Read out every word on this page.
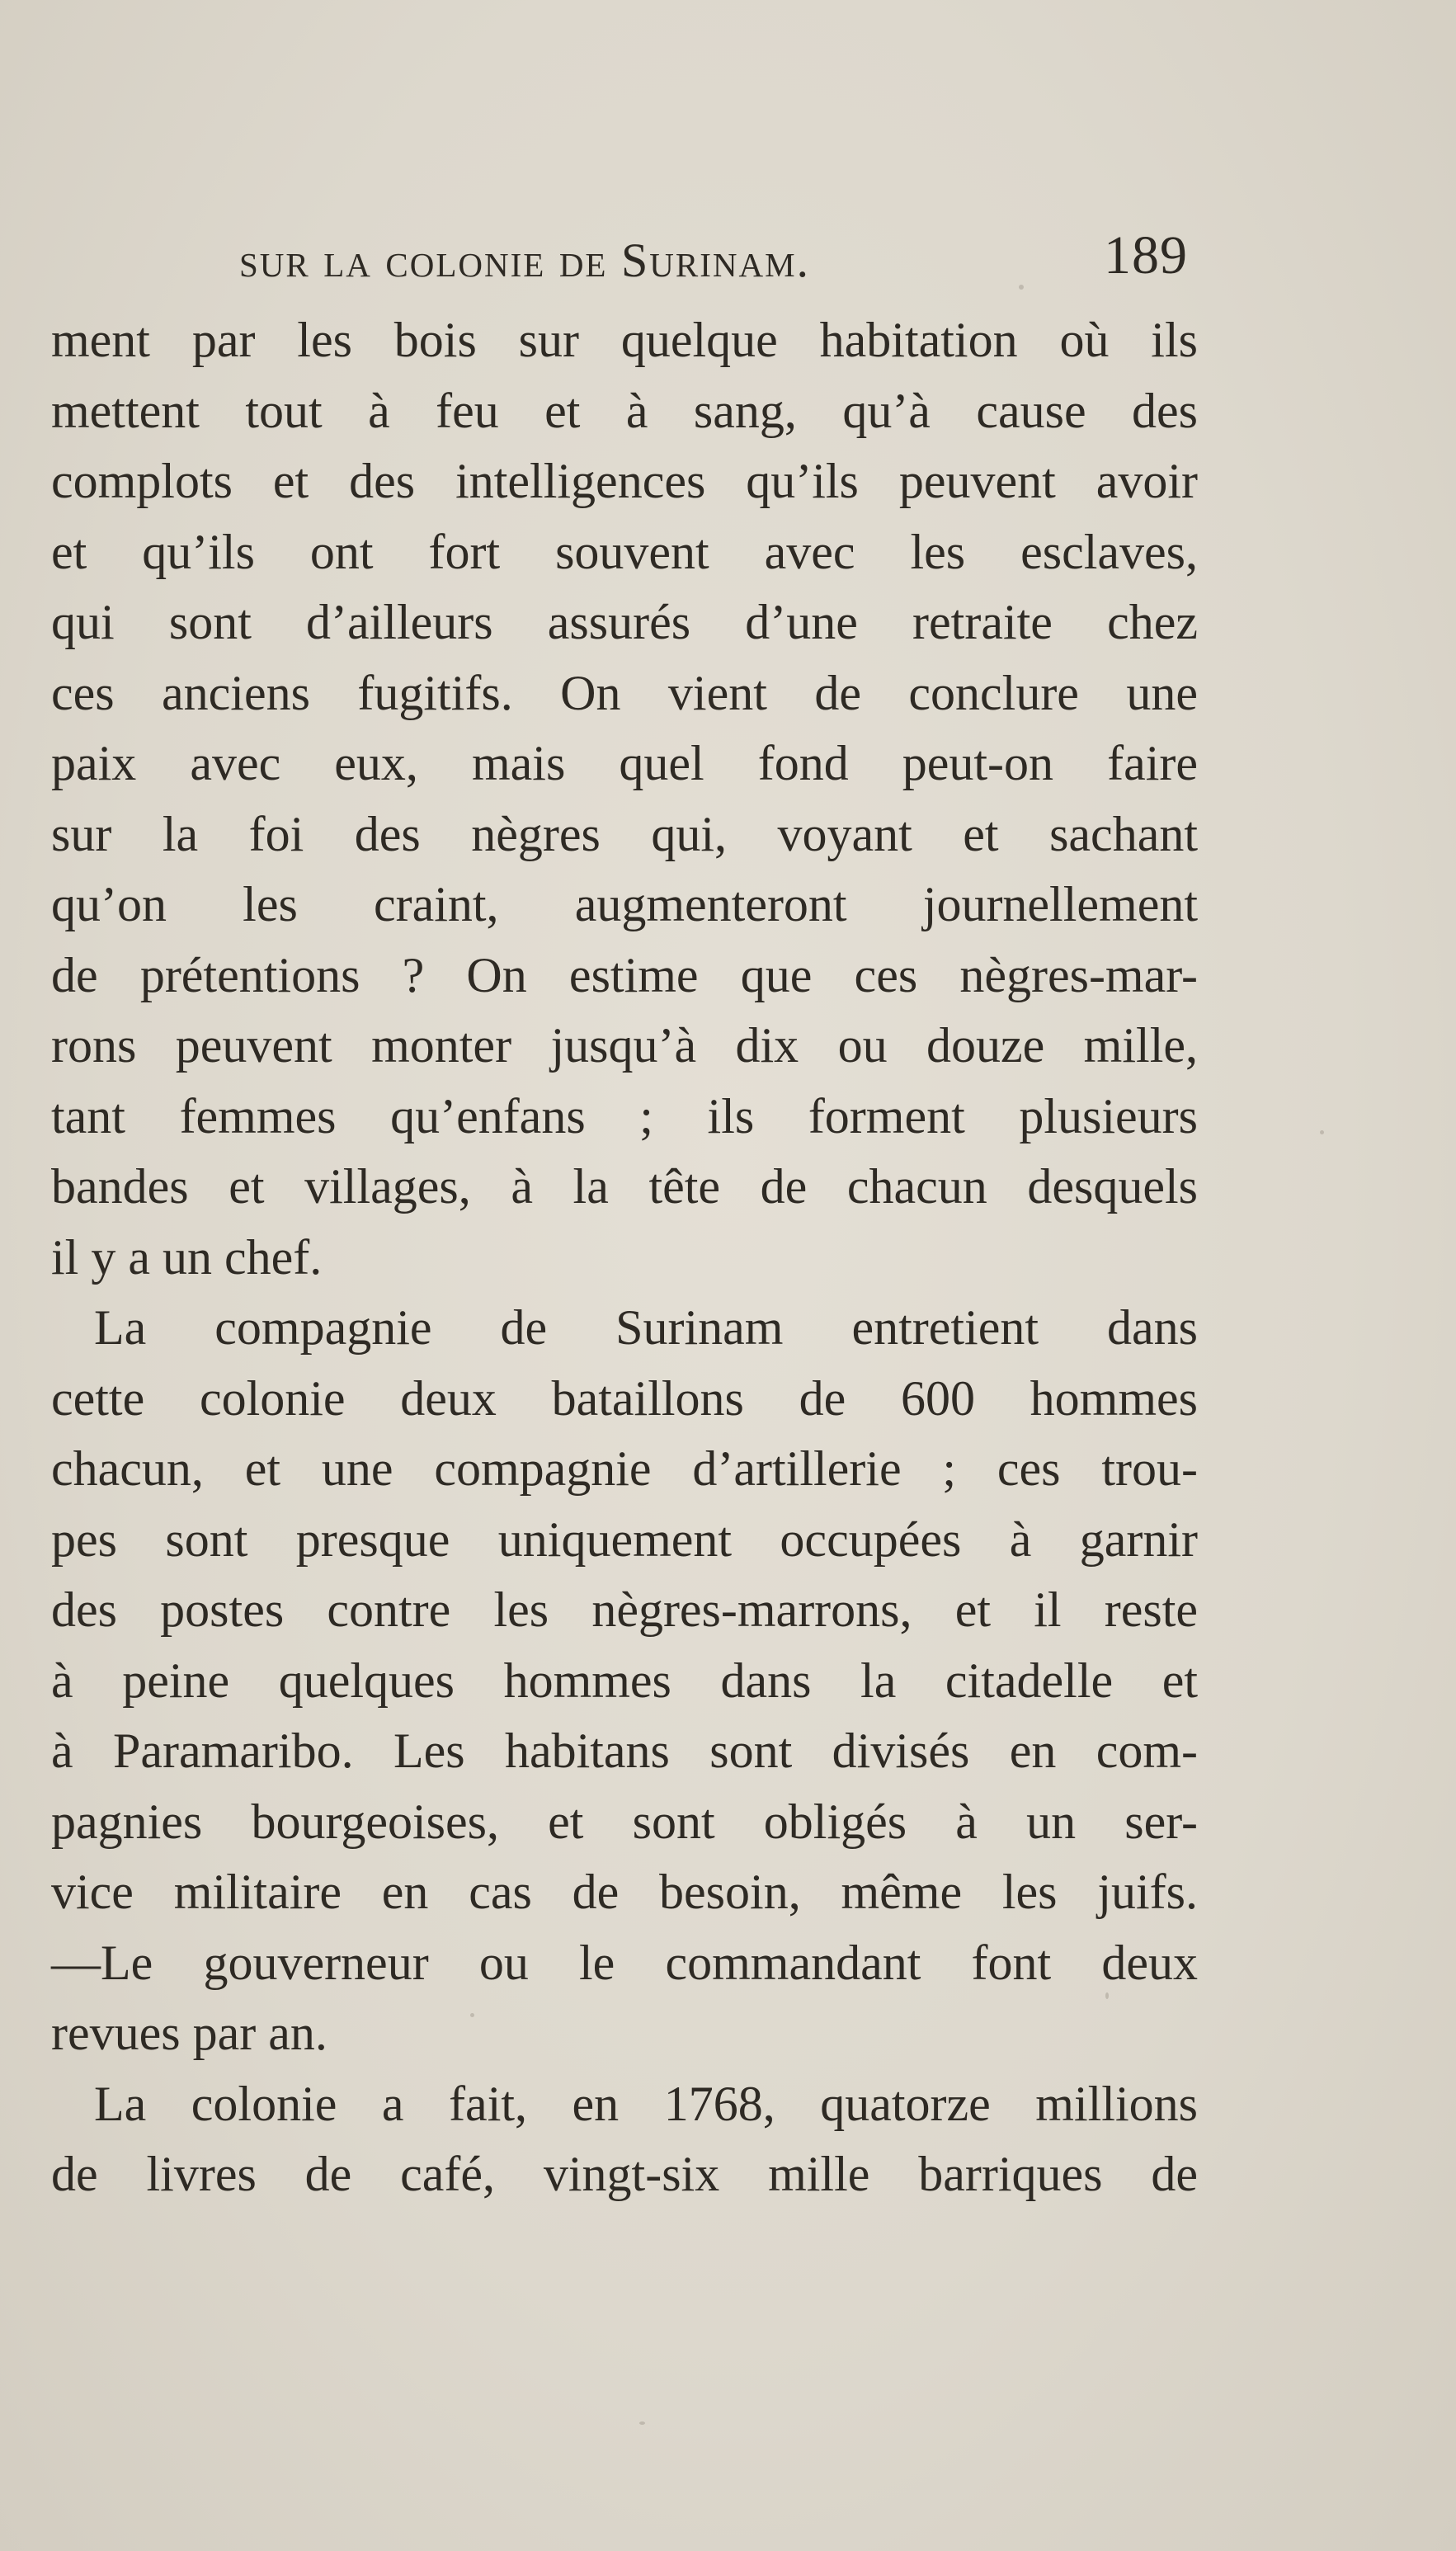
sur la colonie de Surinam.	189
ment par les bois sur quelque habitation où ils
mettent tout à feu et à sang, qu’à cause des
complots et des intelligences qu’ils peuvent avoir
et qu’ils ont fort souvent avec les esclaves,
qui sont d’ailleurs assurés d’une retraite chez
ces anciens fugitifs. On vient de conclure une
paix avec eux, mais quel fond peut-on faire
sur la foi des nègres qui, voyant et sachant
qu’on les craint, augmenteront journellement
de prétentions ? On estime que ces nègres-mar-
rons peuvent monter jusqu’à dix ou douze mille,
tant femmes qu’enfans ; ils forment plusieurs
bandes et villages, à la tête de chacun desquels
il y a un chef.
La compagnie de Surinam entretient dans
cette colonie deux bataillons de 600 hommes
chacun, et une compagnie d’artillerie ; ces trou-
pes sont presque uniquement occupées à garnir
des postes contre les nègres-marrons, et il reste
à peine quelques hommes dans la citadelle et
à Paramaribo. Les habitans sont divisés en com-
pagnies bourgeoises, et sont obligés à un ser-
vice militaire en cas de besoin, même les juifs.
—Le gouverneur ou le commandant font deux
revues par an.
La colonie a fait, en 1768, quatorze millions
de livres de café, vingt-six mille barriques de
